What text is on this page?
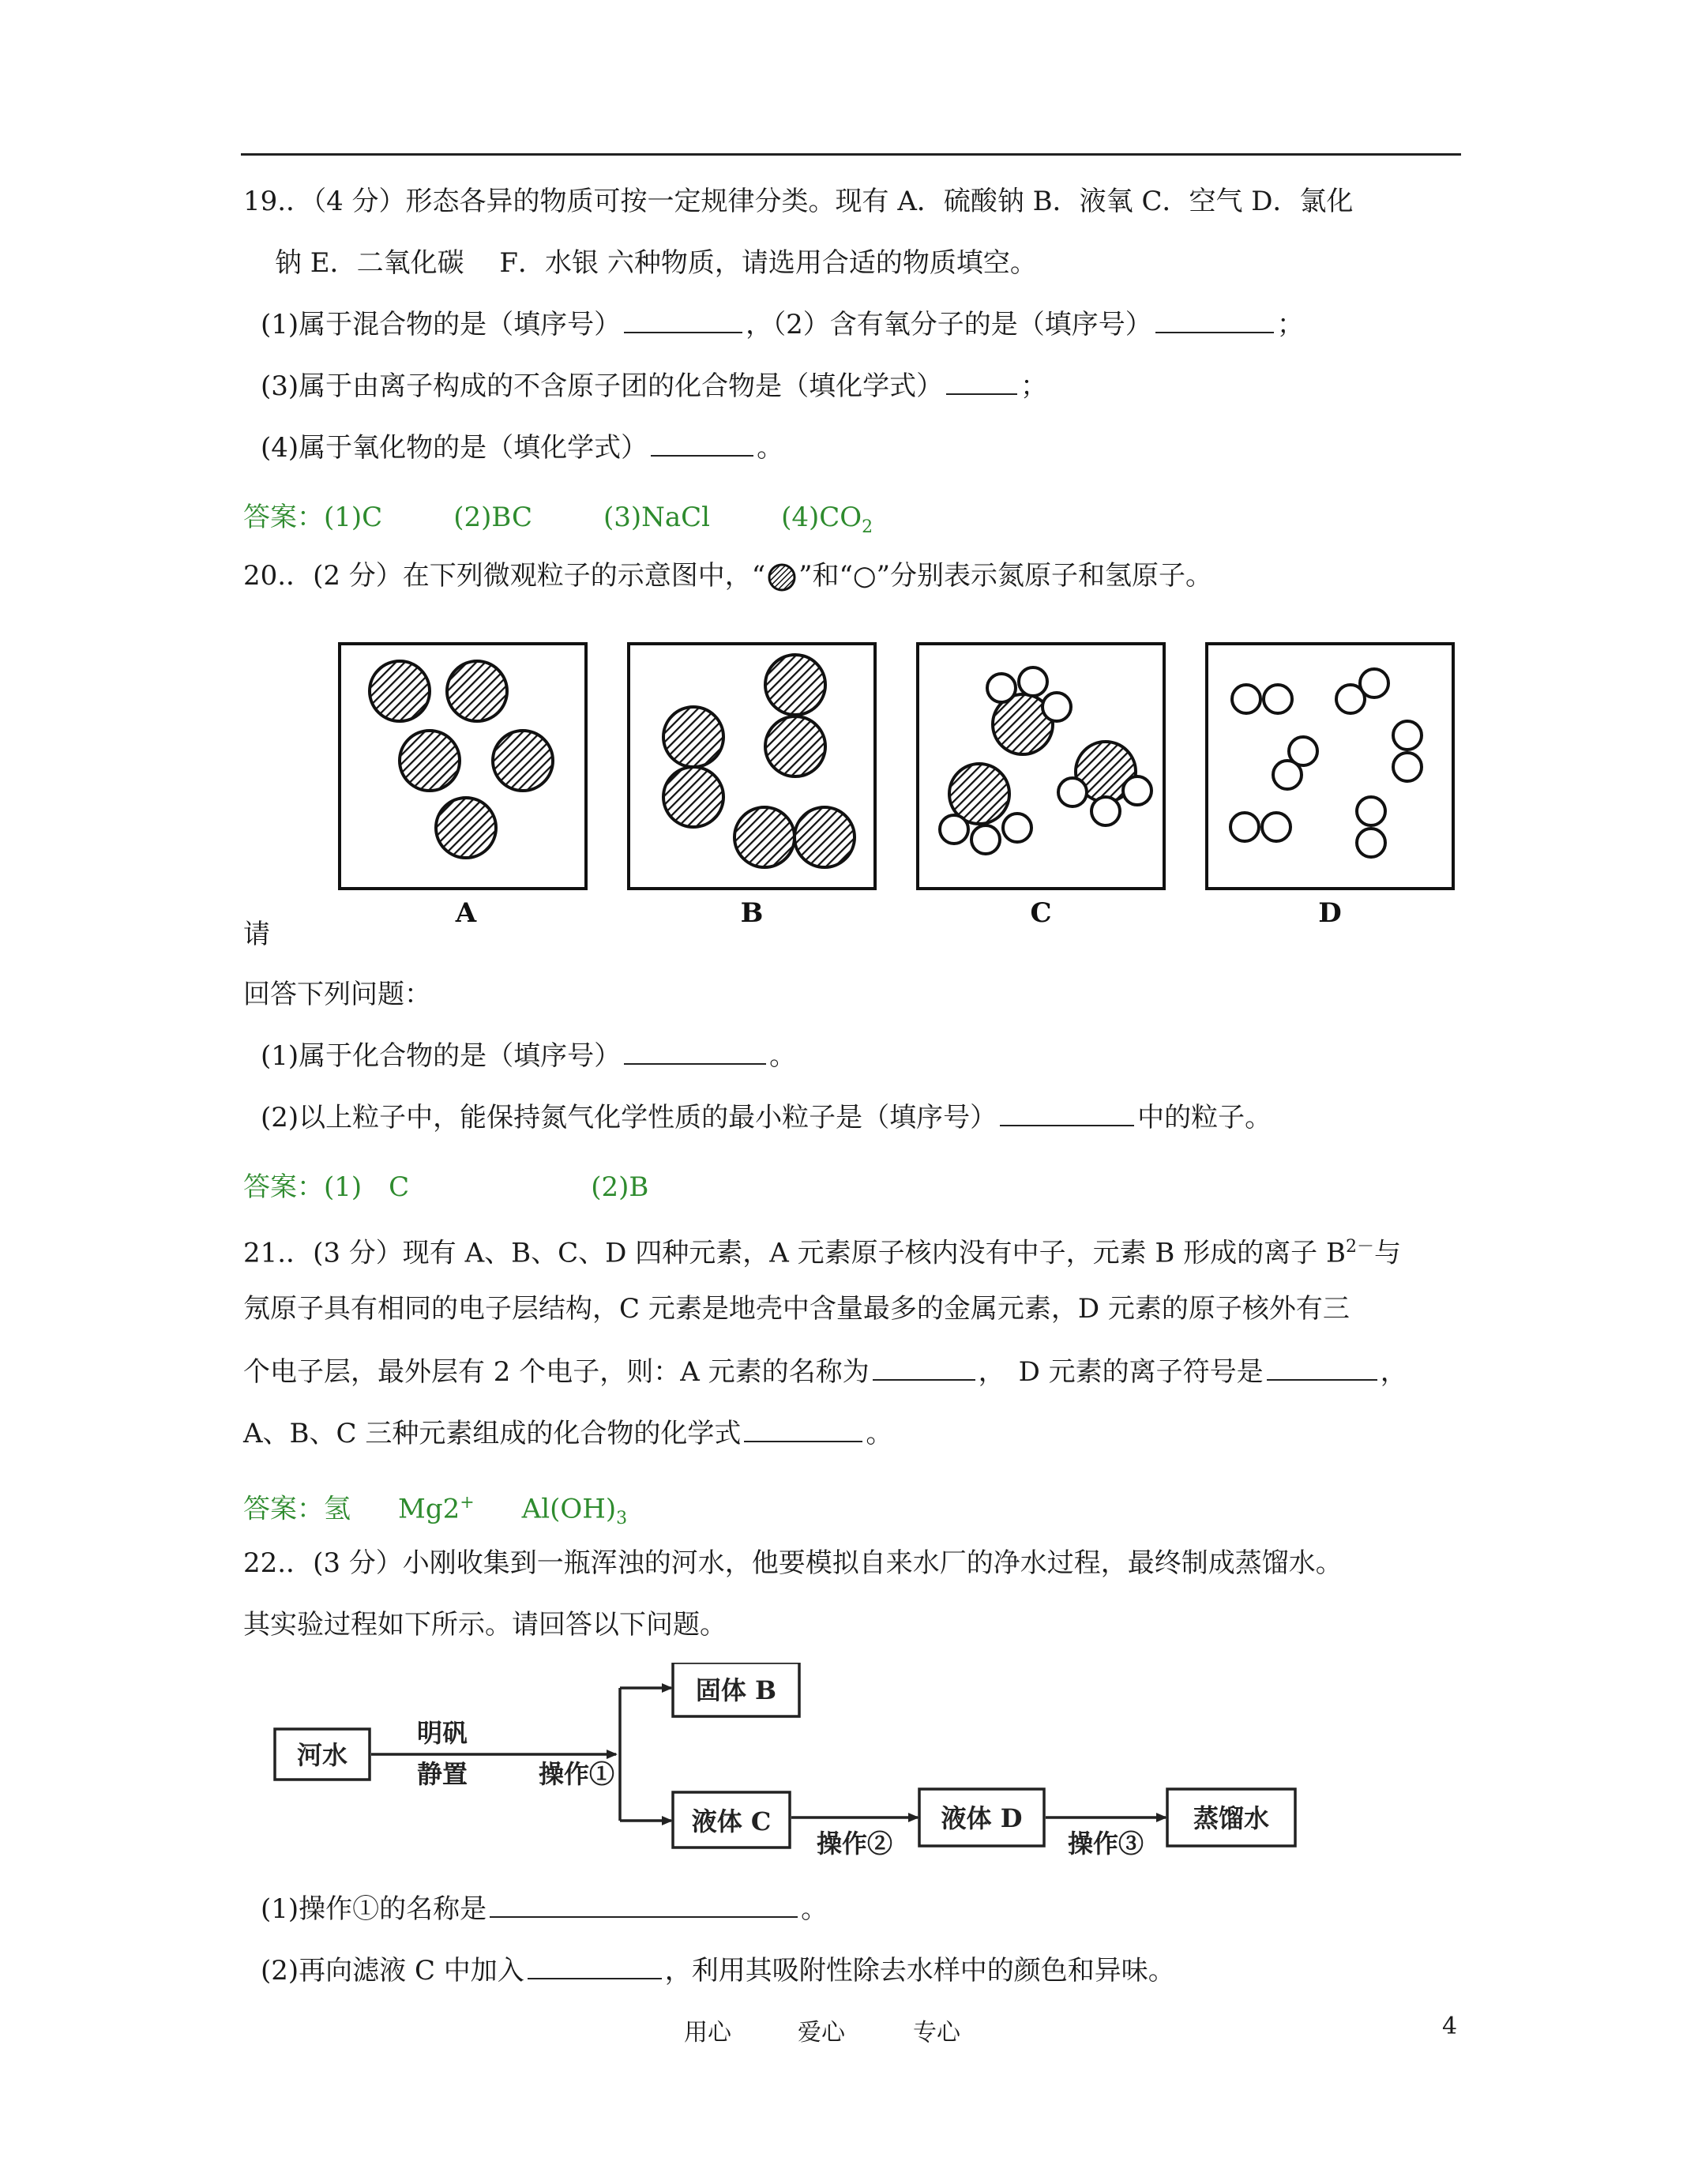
19.．（4 分）形态各异的物质可按一定规律分类。现有 A．硫酸钠 B．液氧 C．空气 D．氯化
钠 E．二氧化碳　 F．水银 六种物质，请选用合适的物质填空。
(1)属于混合物的是（填序号）	，（2）含有氧分子的是（填序号）	；
(3)属于由离子构成的不含原子团的化合物是（填化学式）	；
(4)属于氧化物的是（填化学式）	。
答案：(1)C	(2)BC	(3)NaCl	$(4)CO_2$
20.．(2 分）在下列微观粒子的示意图中，“ ”和“○”分别表示氮原子和氢原子。
A	B	C	D
请
回答下列问题：
(1)属于化合物的是（填序号）	。
(2)以上粒子中，能保持氮气化学性质的最小粒子是（填序号）	中的粒子。
答案：(1)　C	(2)B
21.．(3 分）现有 A、B、C、D 四种元素，A 元素原子核内没有中子，元素 B 形成的离子 $B^{2-}$与
氖原子具有相同的电子层结构，C 元素是地壳中含量最多的金属元素，D 元素的原子核外有三
个电子层，最外层有 2 个电子，则：A 元素的名称为	，　D 元素的离子符号是	，
A、B、C 三种元素组成的化合物的化学式	。
答案：氢 Mg2+ $Al(OH)_3$
22.．(3 分）小刚收集到一瓶浑浊的河水，他要模拟自来水厂的净水过程，最终制成蒸馏水。
其实验过程如下所示。请回答以下问题。
河水
明矾
静置	操作①
固体 B
液体 C
操作②
液体 D
操作③
蒸馏水
(1)操作①的名称是	。
(2)再向滤液 C 中加入	，利用其吸附性除去水样中的颜色和异味。
用心	爱心	专心	4
